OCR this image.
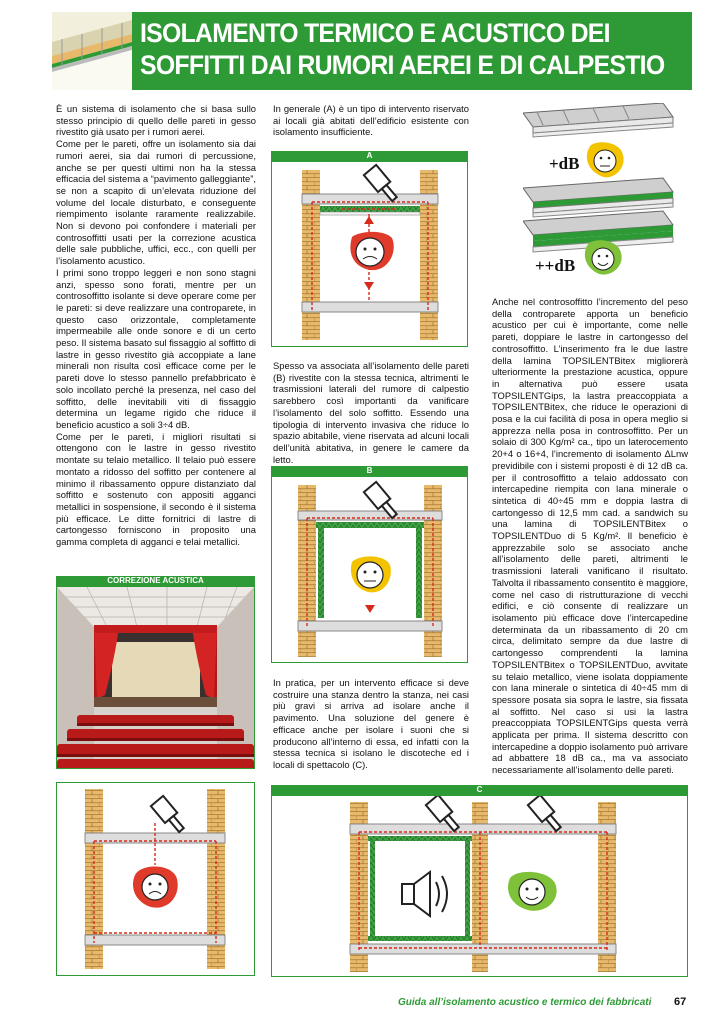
ISOLAMENTO TERMICO E ACUSTICO DEI
SOFFITTI DAI RUMORI AEREI E DI CALPESTIO

È un sistema di isolamento che si basa sullo stesso principio di quello delle pareti in gesso rivestito già usato per i rumori aerei.

Come per le pareti, offre un isolamento sia dai rumori aerei, sia dai rumori di percussione, anche se per questi ultimi non ha la stessa efficacia del sistema a “pavimento galleggiante”, se non a scapito di un’elevata riduzione del volume del locale disturbato, e conseguente riempimento isolante raramente realizzabile. Non si devono poi confondere i materiali per controsoffitti usati per la correzione acustica delle sale pubbliche, uffici, ecc., con quelli per l’isolamento acustico.

I primi sono troppo leggeri e non sono stagni anzi, spesso sono forati, mentre per un controsoffitto isolante si deve operare come per le pareti: si deve realizzare una controparete, in questo caso orizzontale, completamente impermeabile alle onde sonore e di un certo peso. Il sistema basato sul fissaggio al soffitto di lastre in gesso rivestito già accoppiate a lane minerali non risulta così efficace come per le pareti dove lo stesso pannello prefabbricato è solo incollato perché la presenza, nel caso del soffitto, delle inevitabili viti di fissaggio determina un legame rigido che riduce il beneficio acustico a soli 3÷4 dB.

Come per le pareti, i migliori risultati si ottengono con le lastre in gesso rivestito montate su telaio metallico. Il telaio può essere montato a ridosso del soffitto per contenere al minimo il ribassamento oppure distanziato dal soffitto e sostenuto con appositi agganci metallici in sospensione, il secondo è il sistema più efficace. Le ditte fornitrici di lastre di cartongesso forniscono in proposito una gamma completa di agganci e telai metallici.

CORREZIONE ACUSTICA

In generale (A) è un tipo di intervento riservato ai locali già abitati dell’edificio esistente con isolamento insufficiente.

A

Spesso va associata all’isolamento delle pareti (B) rivestite con la stessa tecnica, altrimenti le trasmissioni laterali del rumore di calpestio sarebbero così importanti da vanificare l’isolamento del solo soffitto. Essendo una tipologia di intervento invasiva che riduce lo spazio abitabile, viene riservata ad alcuni locali dell’unità abitativa, in genere le camere da letto.

B

In pratica, per un intervento efficace si deve costruire una stanza dentro la stanza, nei casi più gravi si arriva ad isolare anche il pavimento. Una soluzione del genere è efficace anche per isolare i suoni che si producono all’interno di essa, ed infatti con la stessa tecnica si isolano le discoteche ed i locali di spettacolo (C).

+dB
++dB

Anche nel controsoffitto l’incremento del peso della controparete apporta un beneficio acustico per cui è importante, come nelle pareti, doppiare le lastre in cartongesso del controsoffitto. L’inserimento fra le due lastre della lamina TOPSILENTBitex migliorerà ulteriormente la prestazione acustica, oppure in alternativa può essere usata TOPSILENTGips, la lastra preaccoppiata a TOPSILENTBitex, che riduce le operazioni di posa e la cui facilità di posa in opera meglio si apprezza nella posa in controsoffitto. Per un solaio di 300 Kg/m² ca., tipo un laterocemento 20+4 o 16+4, l’incremento di isolamento ΔLnw previdibile con i sistemi proposti è di 12 dB ca. per il controsoffitto a telaio addossato con intercapedine riempita con lana minerale o sintetica di 40÷45 mm e doppia lastra di cartongesso di 12,5 mm cad. a sandwich su una lamina di TOPSILENTBitex o TOPSILENTDuo di 5 Kg/m². Il beneficio è apprezzabile solo se associato anche all’isolamento delle pareti, altrimenti le trasmissioni laterali vanificano il risultato. Talvolta il ribassamento consentito è maggiore, come nel caso di ristrutturazione di vecchi edifici, e ciò consente di realizzare un isolamento più efficace dove l’intercapedine determinata da un ribassamento di 20 cm circa, delimitato sempre da due lastre di cartongesso comprendenti la lamina TOPSILENTBitex o TOPSILENTDuo, avvitate su telaio metallico, viene isolata doppiamente con lana minerale o sintetica di 40÷45 mm di spessore posata sia sopra le lastre, sia fissata al soffitto. Nel caso si usi la lastra preaccoppiata TOPSILENTGips questa verrà applicata per prima. Il sistema descritto con intercapedine a doppio isolamento può arrivare ad abbattere 18 dB ca., ma va associato necessariamente all’isolamento delle pareti.

C
Guida all’isolamento acustico e termico dei fabbricati 67
